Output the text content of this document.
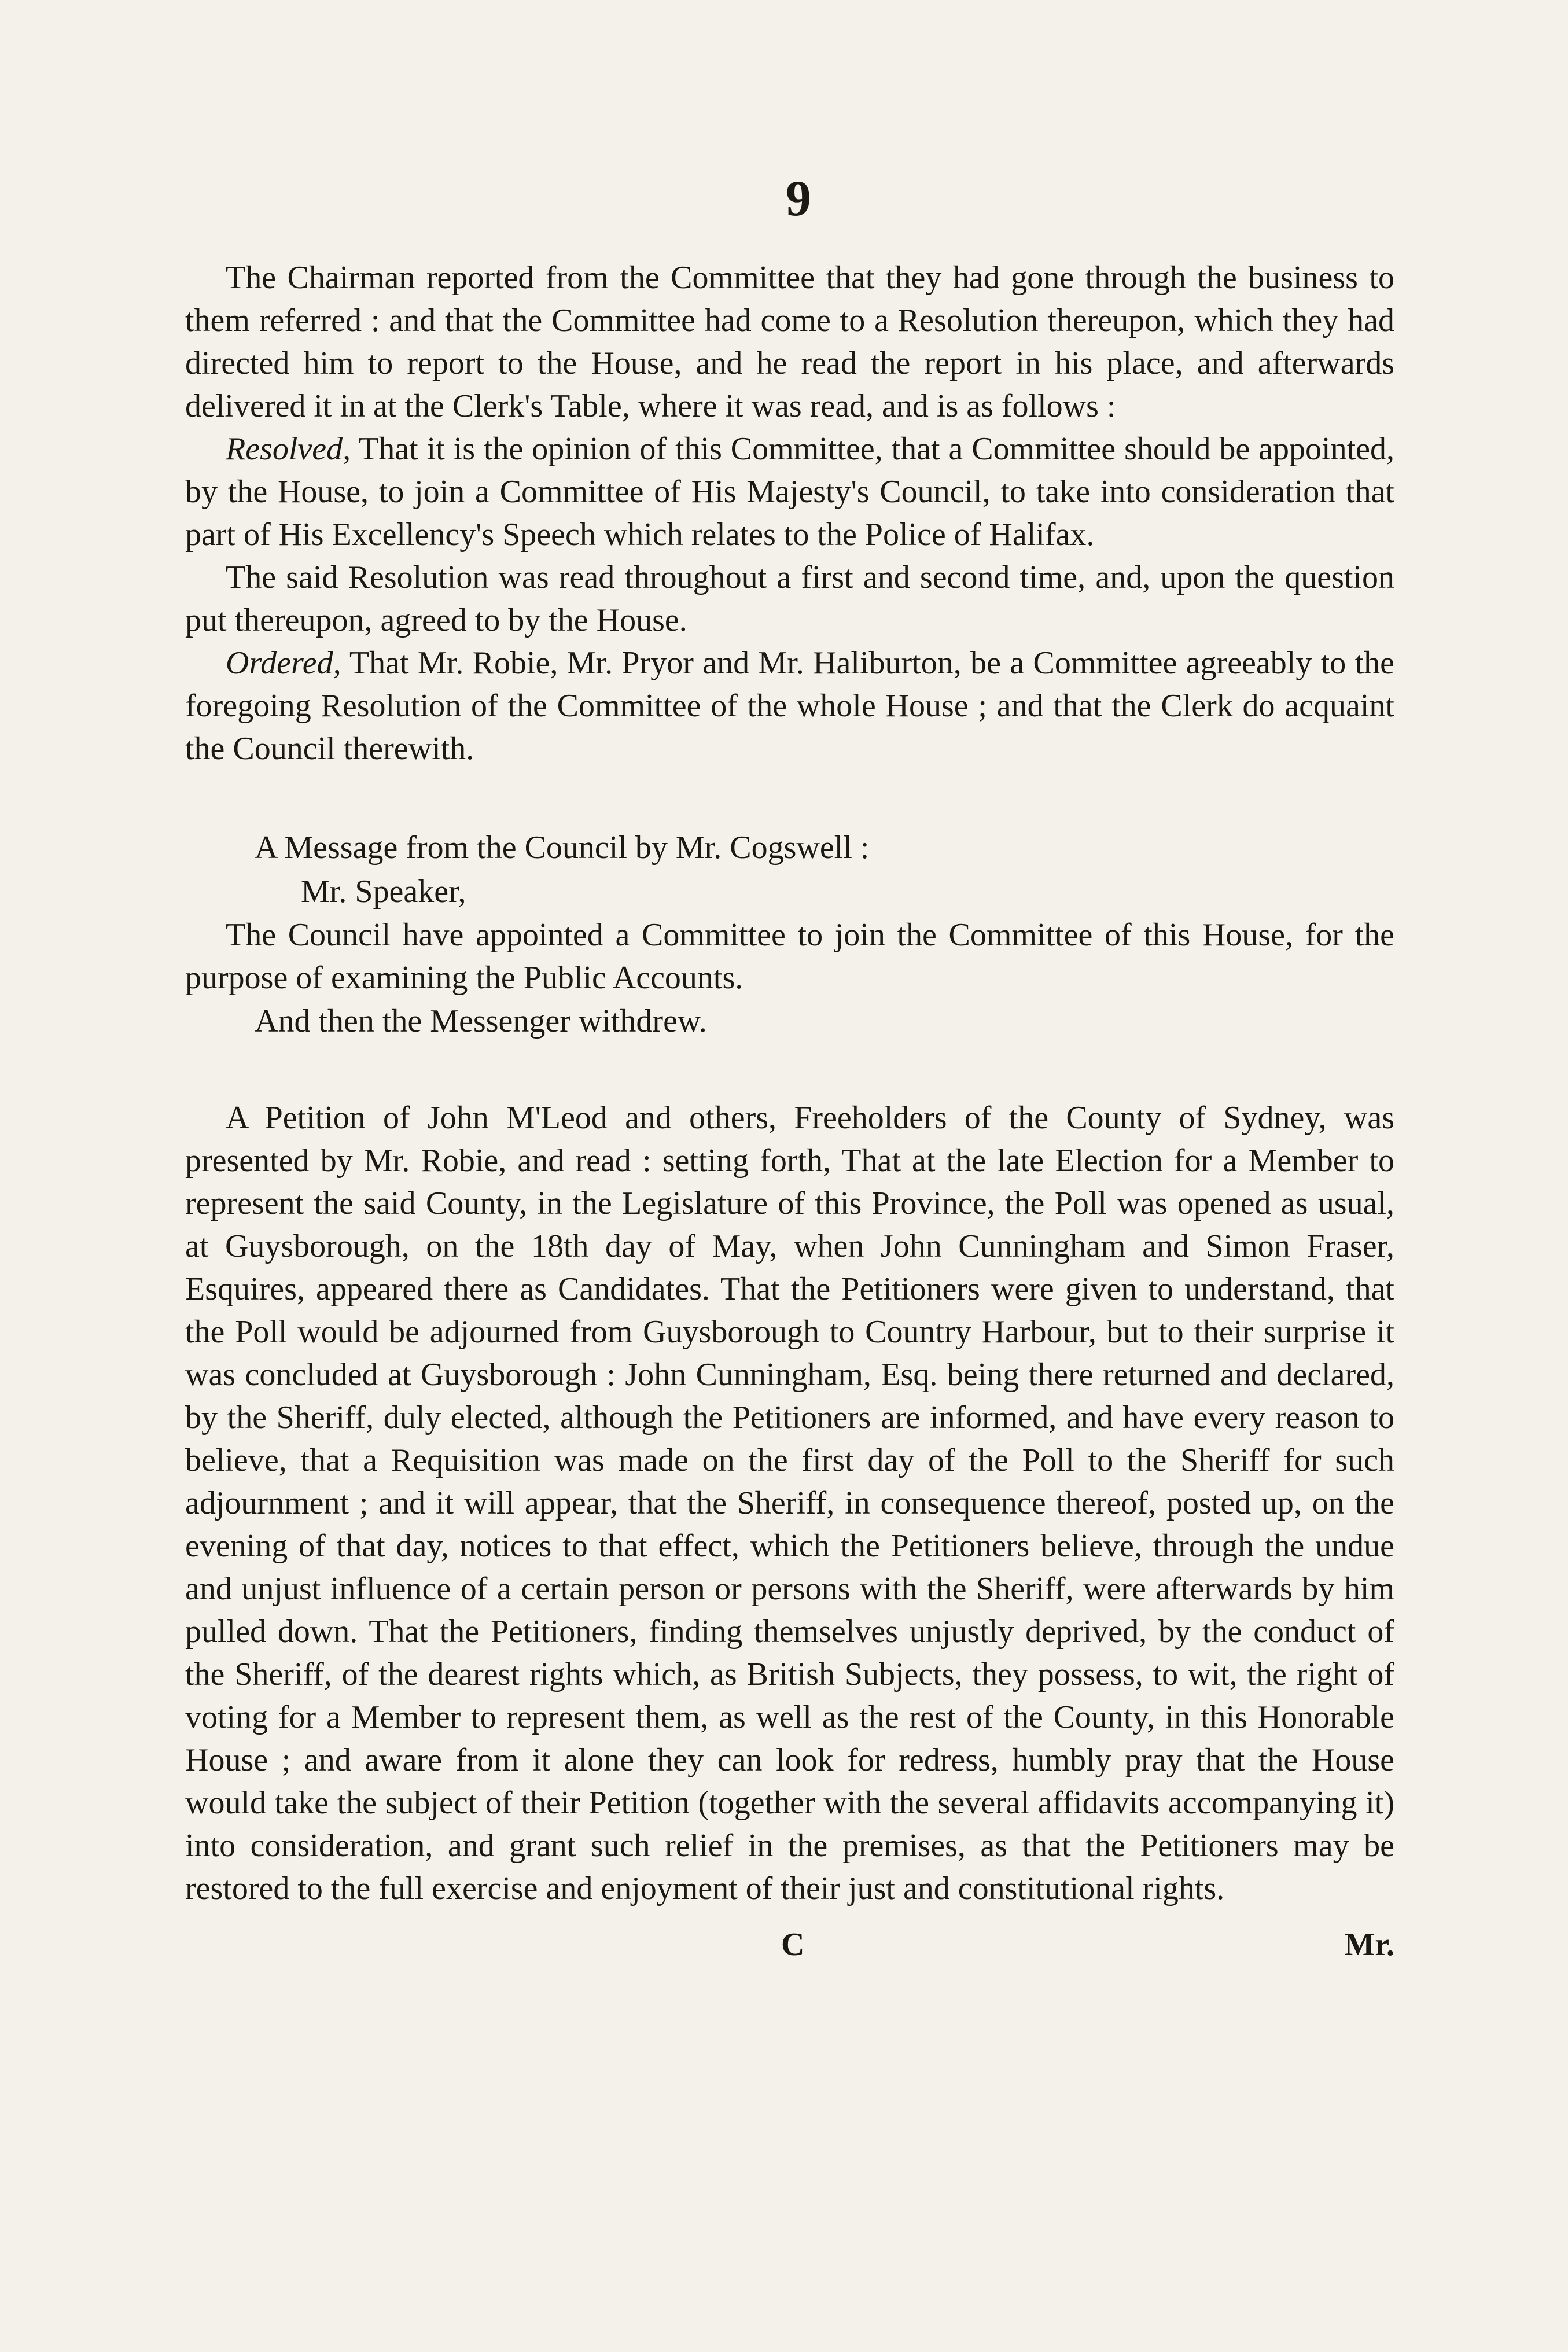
9

The Chairman reported from the Committee that they had gone through the business to them referred : and that the Committee had come to a Resolution thereupon, which they had directed him to report to the House, and he read the report in his place, and afterwards delivered it in at the Clerk's Table, where it was read, and is as follows :

Resolved, That it is the opinion of this Committee, that a Committee should be appointed, by the House, to join a Committee of His Majesty's Council, to take into consideration that part of His Excellency's Speech which relates to the Police of Halifax.

The said Resolution was read throughout a first and second time, and, upon the question put thereupon, agreed to by the House.

Ordered, That Mr. Robie, Mr. Pryor and Mr. Haliburton, be a Committee agreeably to the foregoing Resolution of the Committee of the whole House ; and that the Clerk do acquaint the Council therewith.

A Message from the Council by Mr. Cogswell :

Mr. Speaker,

The Council have appointed a Committee to join the Committee of this House, for the purpose of examining the Public Accounts.

And then the Messenger withdrew.

A Petition of John M'Leod and others, Freeholders of the County of Sydney, was presented by Mr. Robie, and read : setting forth, That at the late Election for a Member to represent the said County, in the Legislature of this Province, the Poll was opened as usual, at Guysborough, on the 18th day of May, when John Cunningham and Simon Fraser, Esquires, appeared there as Candidates. That the Petitioners were given to understand, that the Poll would be adjourned from Guysborough to Country Harbour, but to their surprise it was concluded at Guysborough : John Cunningham, Esq. being there returned and declared, by the Sheriff, duly elected, although the Petitioners are informed, and have every reason to believe, that a Requisition was made on the first day of the Poll to the Sheriff for such adjournment ; and it will appear, that the Sheriff, in consequence thereof, posted up, on the evening of that day, notices to that effect, which the Petitioners believe, through the undue and unjust influence of a certain person or persons with the Sheriff, were afterwards by him pulled down. That the Petitioners, finding themselves unjustly deprived, by the conduct of the Sheriff, of the dearest rights which, as British Subjects, they possess, to wit, the right of voting for a Member to represent them, as well as the rest of the County, in this Honorable House ; and aware from it alone they can look for redress, humbly pray that the House would take the subject of their Petition (together with the several affidavits accompanying it) into consideration, and grant such relief in the premises, as that the Petitioners may be restored to the full exercise and enjoyment of their just and constitutional rights.

C	Mr.
